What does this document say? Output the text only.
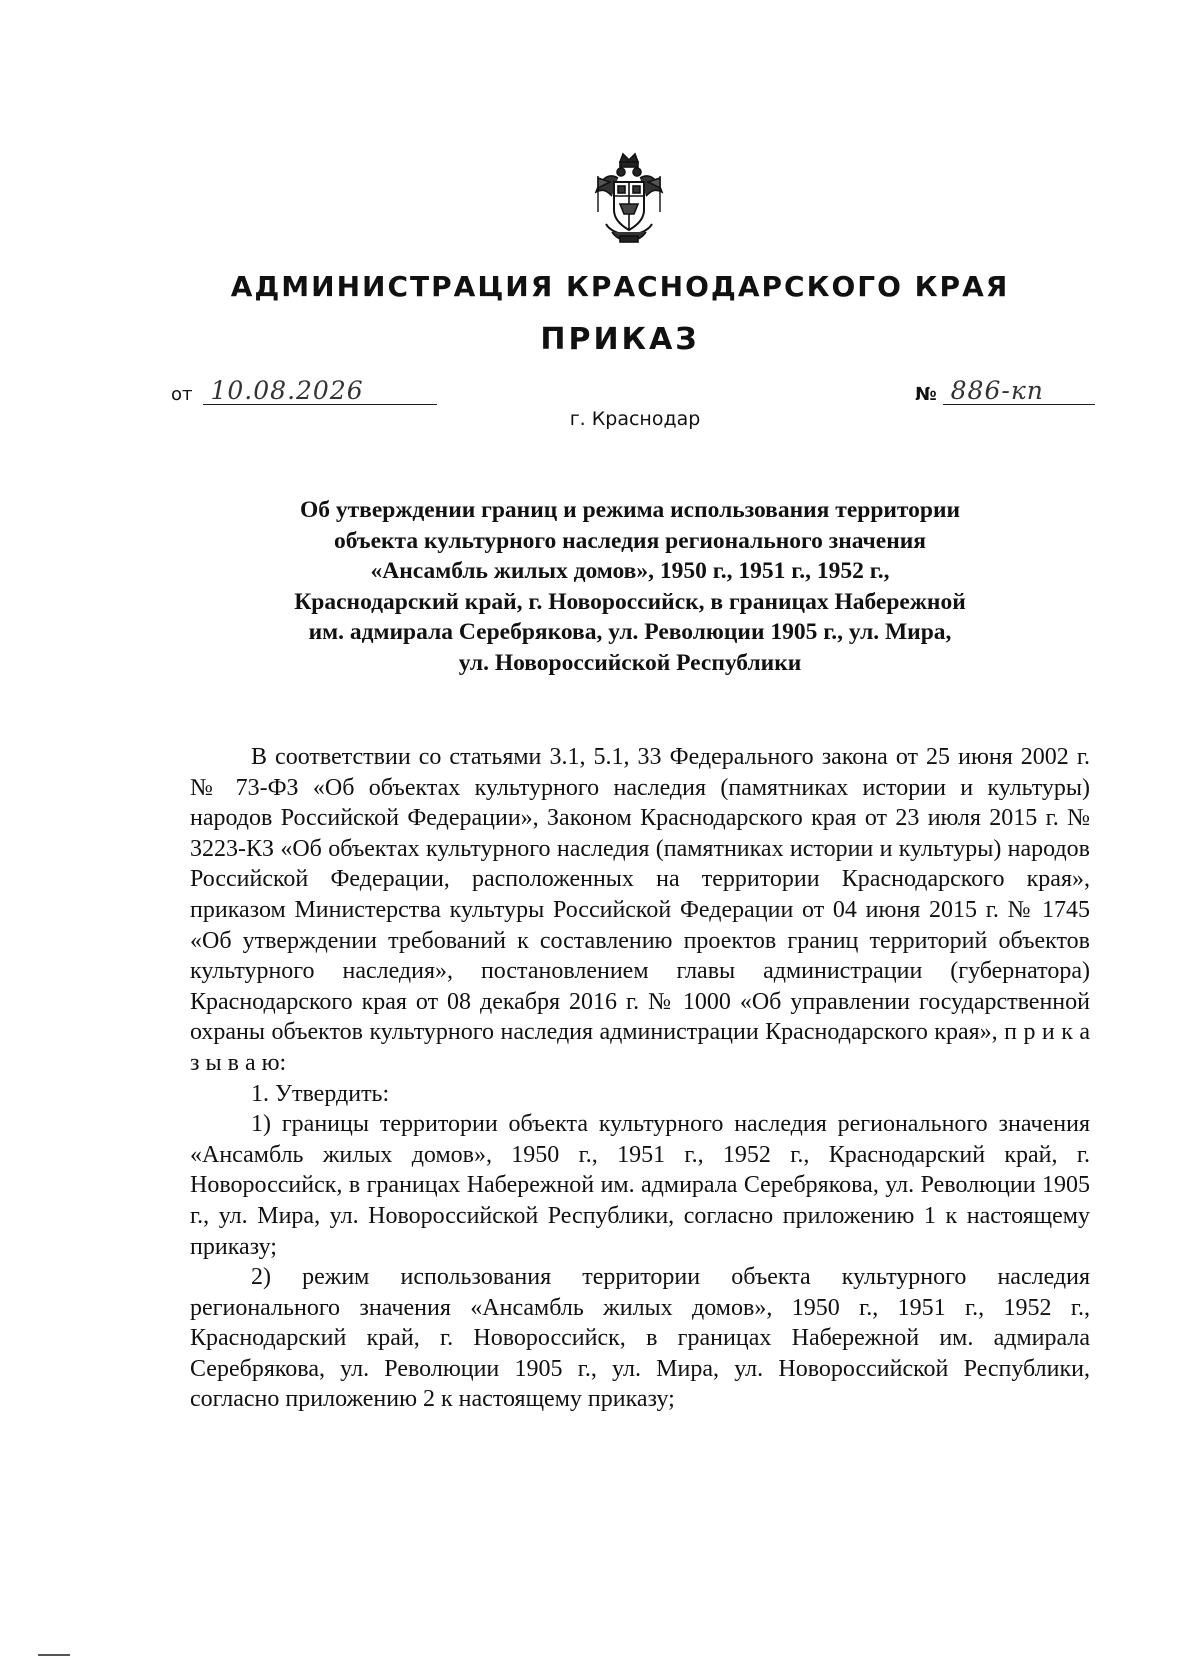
АДМИНИСТРАЦИЯ КРАСНОДАРСКОГО КРАЯ
ПРИКАЗ
от 10.08.2026	№ 886-кп
г. Краснодар
Об утверждении границ и режима использования территории
объекта культурного наследия регионального значения
«Ансамбль жилых домов», 1950 г., 1951 г., 1952 г.,
Краснодарский край, г. Новороссийск, в границах Набережной
им. адмирала Серебрякова, ул. Революции 1905 г., ул. Мира,
ул. Новороссийской Республики

В соответствии со статьями 3.1, 5.1, 33 Федерального закона от 25 июня 2002 г. № 73-ФЗ «Об объектах культурного наследия (памятниках истории и культуры) народов Российской Федерации», Законом Краснодарского края от 23 июля 2015 г. № 3223-КЗ «Об объектах культурного наследия (памятниках истории и культуры) народов Российской Федерации, расположенных на территории Краснодарского края», приказом Министерства культуры Российской Федерации от 04 июня 2015 г. № 1745 «Об утверждении требований к составлению проектов границ территорий объектов культурного наследия», постановлением главы администрации (губернатора) Краснодарского края от 08 декабря 2016 г. № 1000 «Об управлении государственной охраны объектов культурного наследия администрации Краснодарского края», п р и к а з ы в а ю:

1. Утвердить:

1) границы территории объекта культурного наследия регионального значения «Ансамбль жилых домов», 1950 г., 1951 г., 1952 г., Краснодарский край, г. Новороссийск, в границах Набережной им. адмирала Серебрякова, ул. Революции 1905 г., ул. Мира, ул. Новороссийской Республики, согласно приложению 1 к настоящему приказу;

2) режим использования территории объекта культурного наследия регионального значения «Ансамбль жилых домов», 1950 г., 1951 г., 1952 г., Краснодарский край, г. Новороссийск, в границах Набережной им. адмирала Серебрякова, ул. Революции 1905 г., ул. Мира, ул. Новороссийской Республики, согласно приложению 2 к настоящему приказу;
